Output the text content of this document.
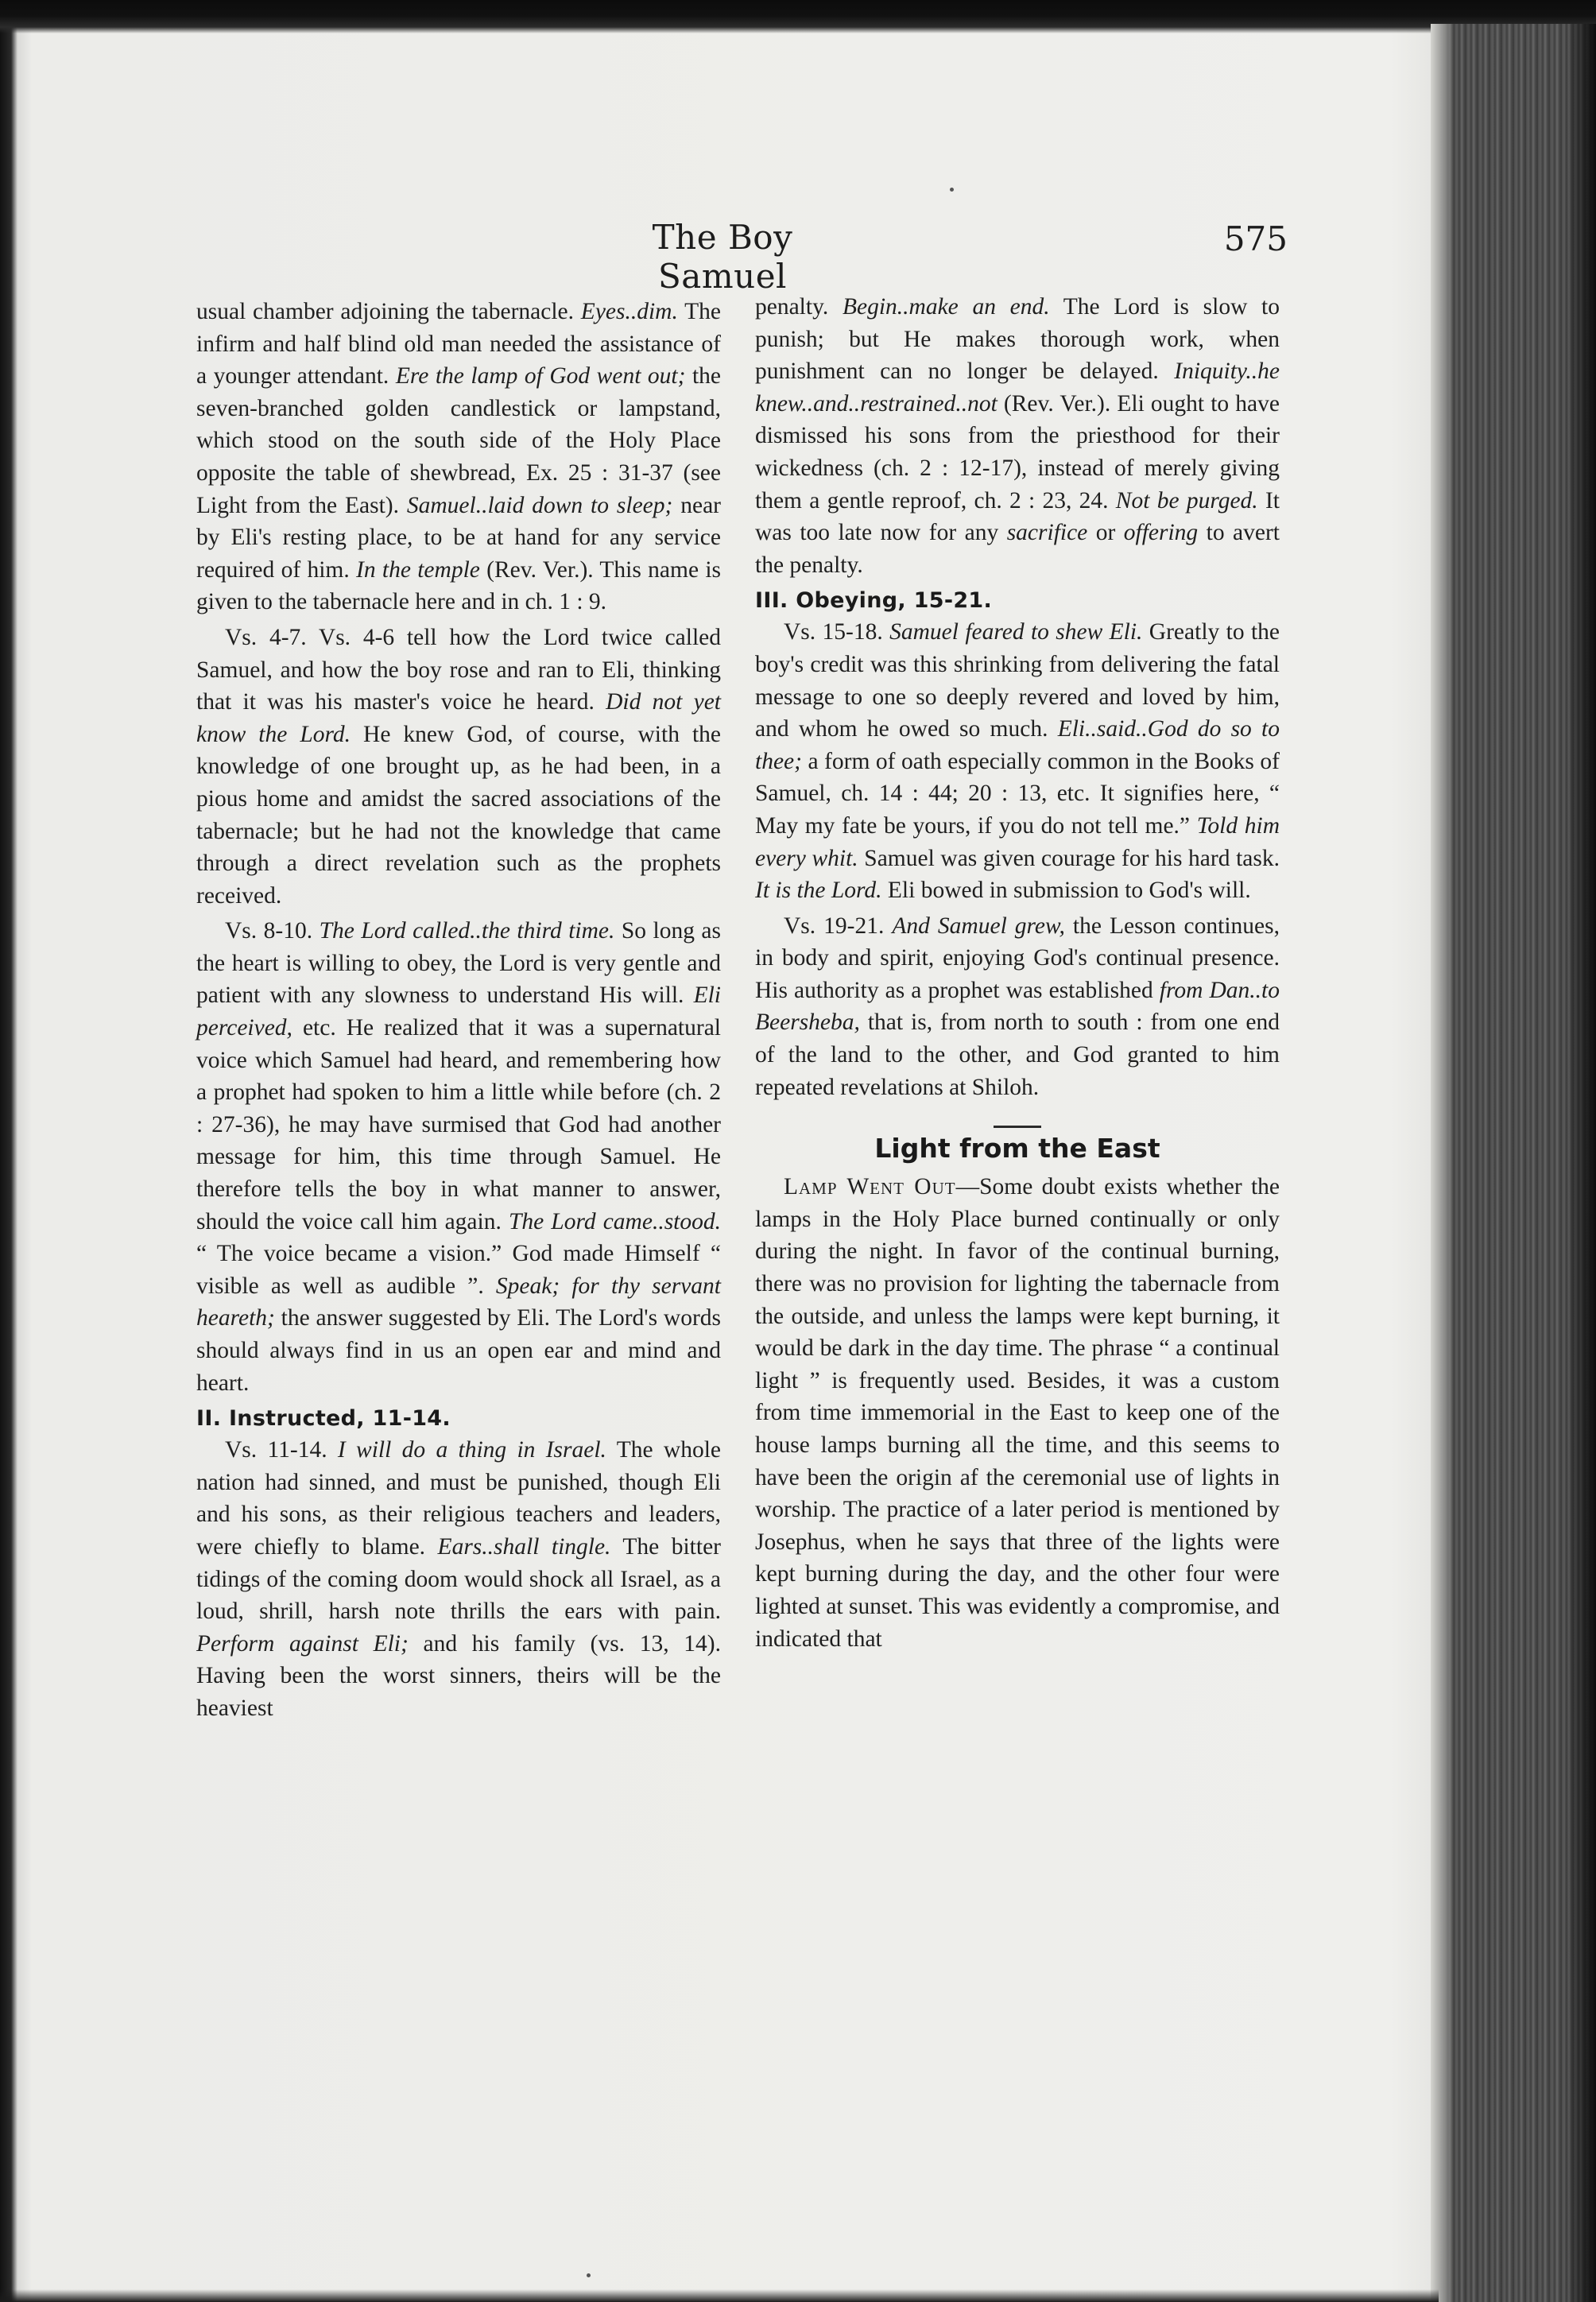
The Boy Samuel
575

usual chamber adjoining the tabernacle. Eyes..dim. The infirm and half blind old man needed the assistance of a younger attendant. Ere the lamp of God went out; the seven-branched golden candlestick or lampstand, which stood on the south side of the Holy Place opposite the table of shewbread, Ex. 25 : 31-37 (see Light from the East). Samuel..laid down to sleep; near by Eli's resting place, to be at hand for any service required of him. In the temple (Rev. Ver.). This name is given to the tabernacle here and in ch. 1 : 9.

Vs. 4-7. Vs. 4-6 tell how the Lord twice called Samuel, and how the boy rose and ran to Eli, thinking that it was his master's voice he heard. Did not yet know the Lord. He knew God, of course, with the knowledge of one brought up, as he had been, in a pious home and amidst the sacred associations of the tabernacle; but he had not the knowledge that came through a direct revelation such as the prophets received.

Vs. 8-10. The Lord called..the third time. So long as the heart is willing to obey, the Lord is very gentle and patient with any slowness to understand His will. Eli perceived, etc. He realized that it was a supernatural voice which Samuel had heard, and remembering how a prophet had spoken to him a little while before (ch. 2 : 27-36), he may have surmised that God had another message for him, this time through Samuel. He therefore tells the boy in what manner to answer, should the voice call him again. The Lord came..stood. “ The voice became a vision.” God made Himself “ visible as well as audible ”. Speak; for thy servant heareth; the answer suggested by Eli. The Lord's words should always find in us an open ear and mind and heart.

II. Instructed, 11-14.

Vs. 11-14. I will do a thing in Israel. The whole nation had sinned, and must be punished, though Eli and his sons, as their religious teachers and leaders, were chiefly to blame. Ears..shall tingle. The bitter tidings of the coming doom would shock all Israel, as a loud, shrill, harsh note thrills the ears with pain. Perform against Eli; and his family (vs. 13, 14). Having been the worst sinners, theirs will be the heaviest

penalty. Begin..make an end. The Lord is slow to punish; but He makes thorough work, when punishment can no longer be delayed. Iniquity..he knew..and..restrained..not (Rev. Ver.). Eli ought to have dismissed his sons from the priesthood for their wickedness (ch. 2 : 12-17), instead of merely giving them a gentle reproof, ch. 2 : 23, 24. Not be purged. It was too late now for any sacrifice or offering to avert the penalty.

III. Obeying, 15-21.

Vs. 15-18. Samuel feared to shew Eli. Greatly to the boy's credit was this shrinking from delivering the fatal message to one so deeply revered and loved by him, and whom he owed so much. Eli..said..God do so to thee; a form of oath especially common in the Books of Samuel, ch. 14 : 44; 20 : 13, etc. It signifies here, “ May my fate be yours, if you do not tell me.” Told him every whit. Samuel was given courage for his hard task. It is the Lord. Eli bowed in submission to God's will.

Vs. 19-21. And Samuel grew, the Lesson continues, in body and spirit, enjoying God's continual presence. His authority as a prophet was established from Dan..to Beersheba, that is, from north to south : from one end of the land to the other, and God granted to him repeated revelations at Shiloh.

Light from the East

Lamp Went Out—Some doubt exists whether the lamps in the Holy Place burned continually or only during the night. In favor of the continual burning, there was no provision for lighting the tabernacle from the outside, and unless the lamps were kept burning, it would be dark in the day time. The phrase “ a continual light ” is frequently used. Besides, it was a custom from time immemorial in the East to keep one of the house lamps burning all the time, and this seems to have been the origin af the ceremonial use of lights in worship. The practice of a later period is mentioned by Josephus, when he says that three of the lights were kept burning during the day, and the other four were lighted at sunset. This was evidently a compromise, and indicated that
